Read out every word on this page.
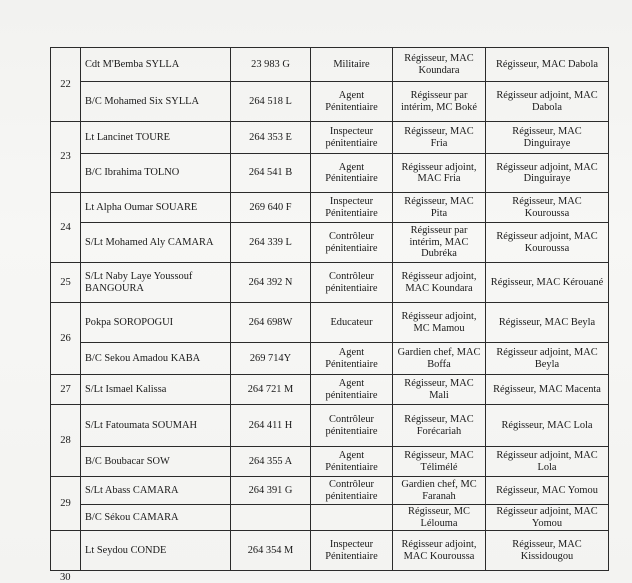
22	Cdt M'Bemba SYLLA	23 983 G	Militaire	Régisseur, MAC Koundara	Régisseur, MAC Dabola
	B/C Mohamed Six SYLLA	264 518 L	Agent Pénitentiaire	Régisseur par intérim, MC Boké	Régisseur adjoint, MAC Dabola
23	Lt Lancinet TOURE	264 353 E	Inspecteur pénitentiaire	Régisseur, MAC Fria	Régisseur, MAC Dinguiraye
	B/C Ibrahima TOLNO	264 541 B	Agent Pénitentiaire	Régisseur adjoint, MAC Fria	Régisseur adjoint, MAC Dinguiraye
24	Lt Alpha Oumar SOUARE	269 640 F	Inspecteur Pénitentiaire	Régisseur, MAC Pita	Régisseur, MAC Kouroussa
	S/Lt Mohamed Aly CAMARA	264 339 L	Contrôleur pénitentiaire	Régisseur par intérim, MAC Dubréka	Régisseur adjoint, MAC Kouroussa
25	S/Lt Naby Laye Youssouf BANGOURA	264 392 N	Contrôleur pénitentiaire	Régisseur adjoint, MAC Koundara	Régisseur, MAC Kérouané
26	Pokpa SOROPOGUI	264 698W	Educateur	Régisseur adjoint, MC Mamou	Régisseur, MAC Beyla
	B/C Sekou Amadou KABA	269 714Y	Agent Pénitentiaire	Gardien chef, MAC Boffa	Régisseur adjoint, MAC Beyla
27	S/Lt Ismael Kalissa	264 721 M	Agent pénitentiaire	Régisseur, MAC Mali	Régisseur, MAC Macenta
28	S/Lt Fatoumata SOUMAH	264 411 H	Contrôleur pénitentiaire	Régisseur, MAC Forécariah	Régisseur, MAC Lola
	B/C Boubacar SOW	264 355 A	Agent Pénitentiaire	Régisseur, MAC Télimélé	Régisseur adjoint, MAC Lola
29	S/Lt Abass CAMARA	264 391 G	Contrôleur pénitentiaire	Gardien chef, MC Faranah	Régisseur, MAC Yomou
	B/C Sékou CAMARA			Régisseur, MC Lélouma	Régisseur adjoint, MAC Yomou
	Lt Seydou CONDE	264 354 M	Inspecteur Pénitentiaire	Régisseur adjoint, MAC Kouroussa	Régisseur, MAC Kissidougou
30
